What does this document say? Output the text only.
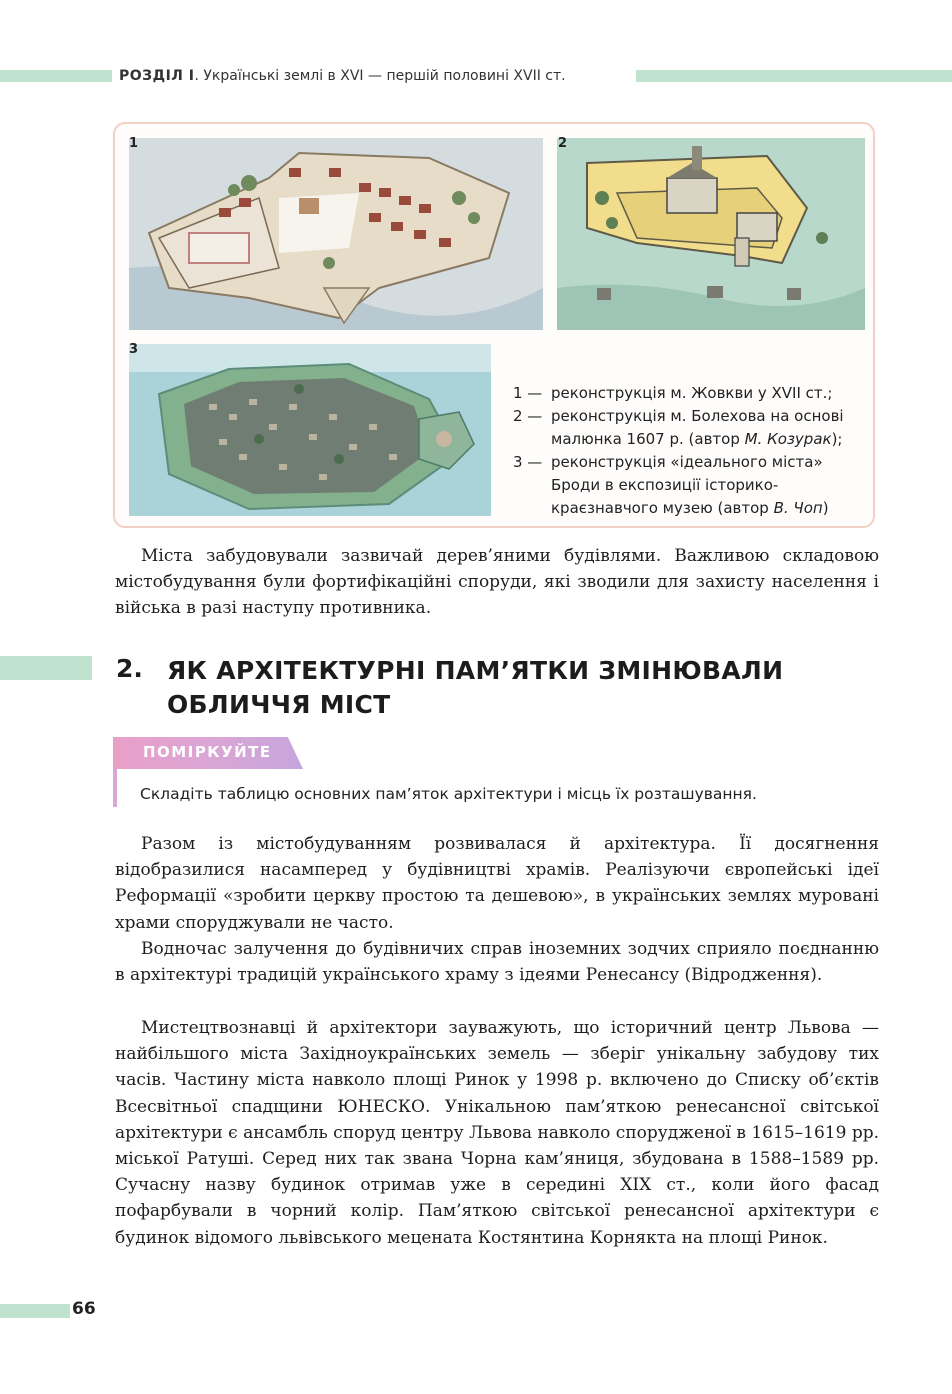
РОЗДІЛ І. Українські землі в XVI — першій половині XVII ст.
1	2
3
1 — реконструкція м. Жовкви у XVII ст.;
2 — реконструкція м. Болехова на основі малюнка 1607 р. (автор М. Козурак);
3 — реконструкція «ідеального міста» Броди в експозиції історико-краєзнавчого музею (автор В. Чоп)
Міста забудовували зазвичай дерев’яними будівлями. Важливою складовою містобудування були фортифікаційні споруди, які зводили для захисту населення і війська в разі наступу противника.
2. ЯК АРХІТЕКТУРНІ ПАМ’ЯТКИ ЗМІНЮВАЛИ ОБЛИЧЧЯ МІСТ
ПОМІРКУЙТЕ
Складіть таблицю основних пам’яток архітектури і місць їх розташування.
Разом із містобудуванням розвивалася й архітектура. Її досягнення відобразилися насамперед у будівництві храмів. Реалізуючи європейські ідеї Реформації «зробити церкву простою та дешевою», в українських землях муровані храми споруджували не часто.
Водночас залучення до будівничих справ іноземних зодчих сприяло поєднанню в архітектурі традицій українського храму з ідеями Ренесансу (Відродження).
Мистецтвознавці й архітектори зауважують, що історичний центр Львова — найбільшого міста Західноукраїнських земель — зберіг унікальну забудову тих часів. Частину міста навколо площі Ринок у 1998 р. включено до Списку об’єктів Всесвітньої спадщини ЮНЕСКО. Унікальною пам’яткою ренесансної світської архітектури є ансамбль споруд центру Львова навколо спорудженої в 1615–1619 рр. міської Ратуші. Серед них так звана Чорна кам’яниця, збудована в 1588–1589 рр. Сучасну назву будинок отримав уже в середині XIX ст., коли його фасад пофарбували в чорний колір. Пам’яткою світської ренесансної архітектури є будинок відомого львівського мецената Костянтина Корнякта на площі Ринок.
66
